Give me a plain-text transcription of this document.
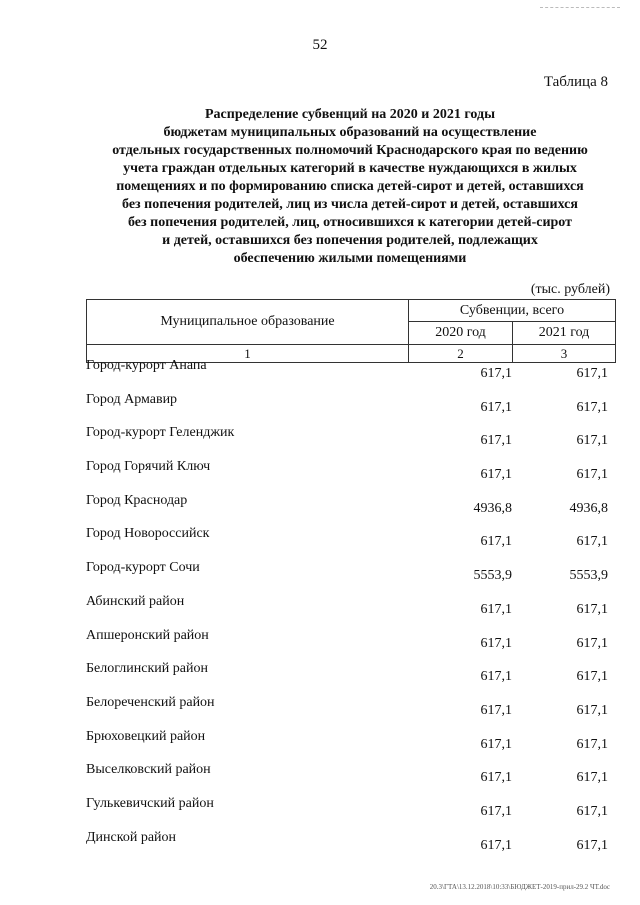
52
Таблица 8
Распределение субвенций на 2020 и 2021 годы
бюджетам муниципальных образований на осуществление
отдельных государственных полномочий Краснодарского края по ведению
учета граждан отдельных категорий в качестве нуждающихся в жилых
помещениях и по формированию списка детей-сирот и детей, оставшихся
без попечения родителей, лиц из числа детей-сирот и детей, оставшихся
без попечения родителей, лиц, относившихся к категории детей-сирот
и детей, оставшихся без попечения родителей, подлежащих
обеспечению жилыми помещениями
(тыс. рублей)
Муниципальное образование
Субвенции, всего
2020 год	2021 год
1	2	3
Город-курорт Анапа
617,1	617,1
Город Армавир
617,1	617,1
Город-курорт Геленджик
617,1	617,1
Город Горячий Ключ
617,1	617,1
Город Краснодар
4936,8	4936,8
Город Новороссийск
617,1	617,1
Город-курорт Сочи
5553,9	5553,9
Абинский район
617,1	617,1
Апшеронский район
617,1	617,1
Белоглинский район
617,1	617,1
Белореченский район
617,1	617,1
Брюховецкий район
617,1	617,1
Выселковский район
617,1	617,1
Гулькевичский район
617,1	617,1
Динской район
617,1	617,1
20.3\ГТА\13.12.2018\10:33\БЮДЖЕТ-2019-прил-29.2 ЧТ.doc
